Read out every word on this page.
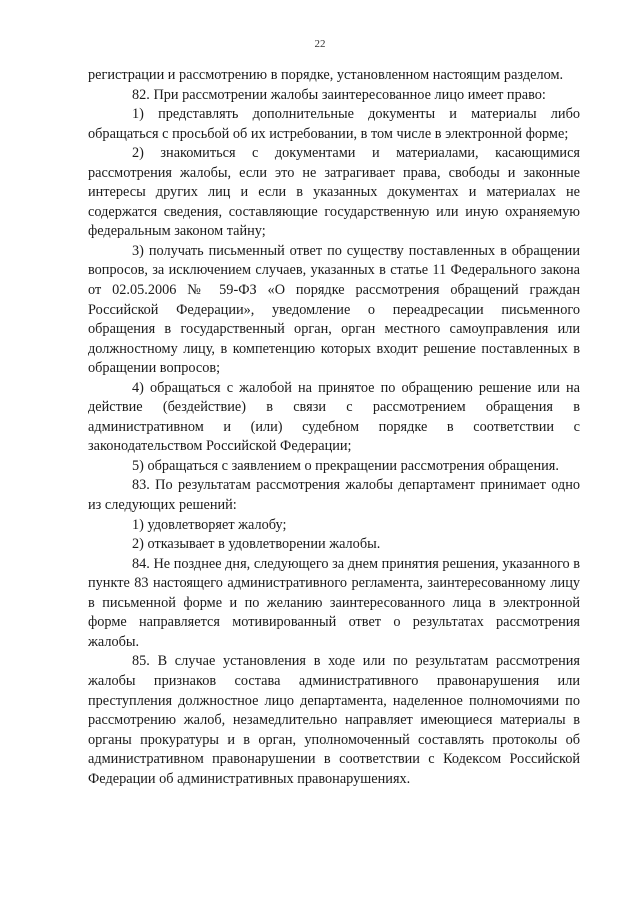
22

регистрации и рассмотрению в порядке, установленном настоящим разделом.

82. При рассмотрении жалобы заинтересованное лицо имеет право:

1) представлять дополнительные документы и материалы либо обращаться с просьбой об их истребовании, в том числе в электронной форме;

2) знакомиться с документами и материалами, касающимися рассмотрения жалобы, если это не затрагивает права, свободы и законные интересы других лиц и если в указанных документах и материалах не содержатся сведения, составляющие государственную или иную охраняемую федеральным законом тайну;

3) получать письменный ответ по существу поставленных в обращении вопросов, за исключением случаев, указанных в статье 11 Федерального закона от 02.05.2006 № 59-ФЗ «О порядке рассмотрения обращений граждан Российской Федерации», уведомление о переадресации письменного обращения в государственный орган, орган местного самоуправления или должностному лицу, в компетенцию которых входит решение поставленных в обращении вопросов;

4) обращаться с жалобой на принятое по обращению решение или на действие (бездействие) в связи с рассмотрением обращения в административном и (или) судебном порядке в соответствии с законодательством Российской Федерации;

5) обращаться с заявлением о прекращении рассмотрения обращения.

83. По результатам рассмотрения жалобы департамент принимает одно из следующих решений:

1) удовлетворяет жалобу;

2) отказывает в удовлетворении жалобы.

84. Не позднее дня, следующего за днем принятия решения, указанного в пункте 83 настоящего административного регламента, заинтересованному лицу в письменной форме и по желанию заинтересованного лица в электронной форме направляется мотивированный ответ о результатах рассмотрения жалобы.

85. В случае установления в ходе или по результатам рассмотрения жалобы признаков состава административного правонарушения или преступления должностное лицо департамента, наделенное полномочиями по рассмотрению жалоб, незамедлительно направляет имеющиеся материалы в органы прокуратуры и в орган, уполномоченный составлять протоколы об административном правонарушении в соответствии с Кодексом Российской Федерации об административных правонарушениях.
